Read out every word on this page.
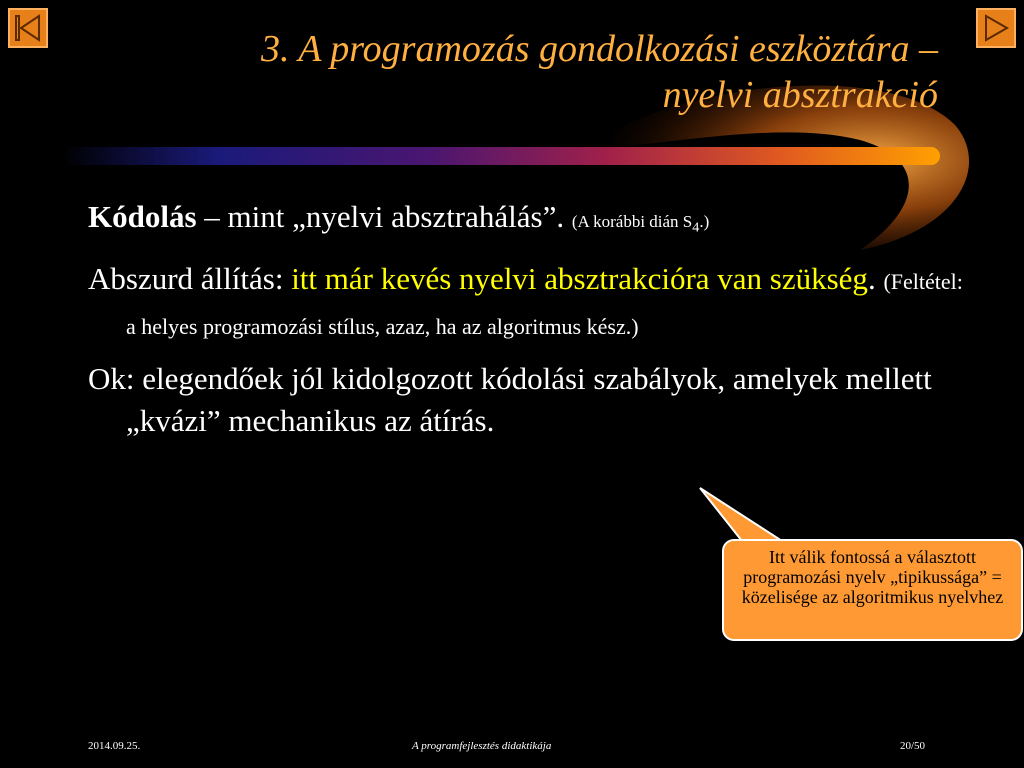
3. A programozás gondolkozási eszköztára –
nyelvi absztrakció

Kódolás – mint „nyelvi absztrahálás”. (A korábbi dián $S_4$.)

Abszurd állítás: itt már kevés nyelvi absztrakcióra van szükség. (Feltétel: a helyes programozási stílus, azaz, ha az algoritmus kész.)

Ok: elegendőek jól kidolgozott kódolási szabályok, amelyek mellett „kvázi” mechanikus az átírás.

Itt válik fontossá a választott programozási nyelv „tipikussága” = közelisége az algoritmikus nyelvhez
2014.09.25.	A programfejlesztés didaktikája	20/50
